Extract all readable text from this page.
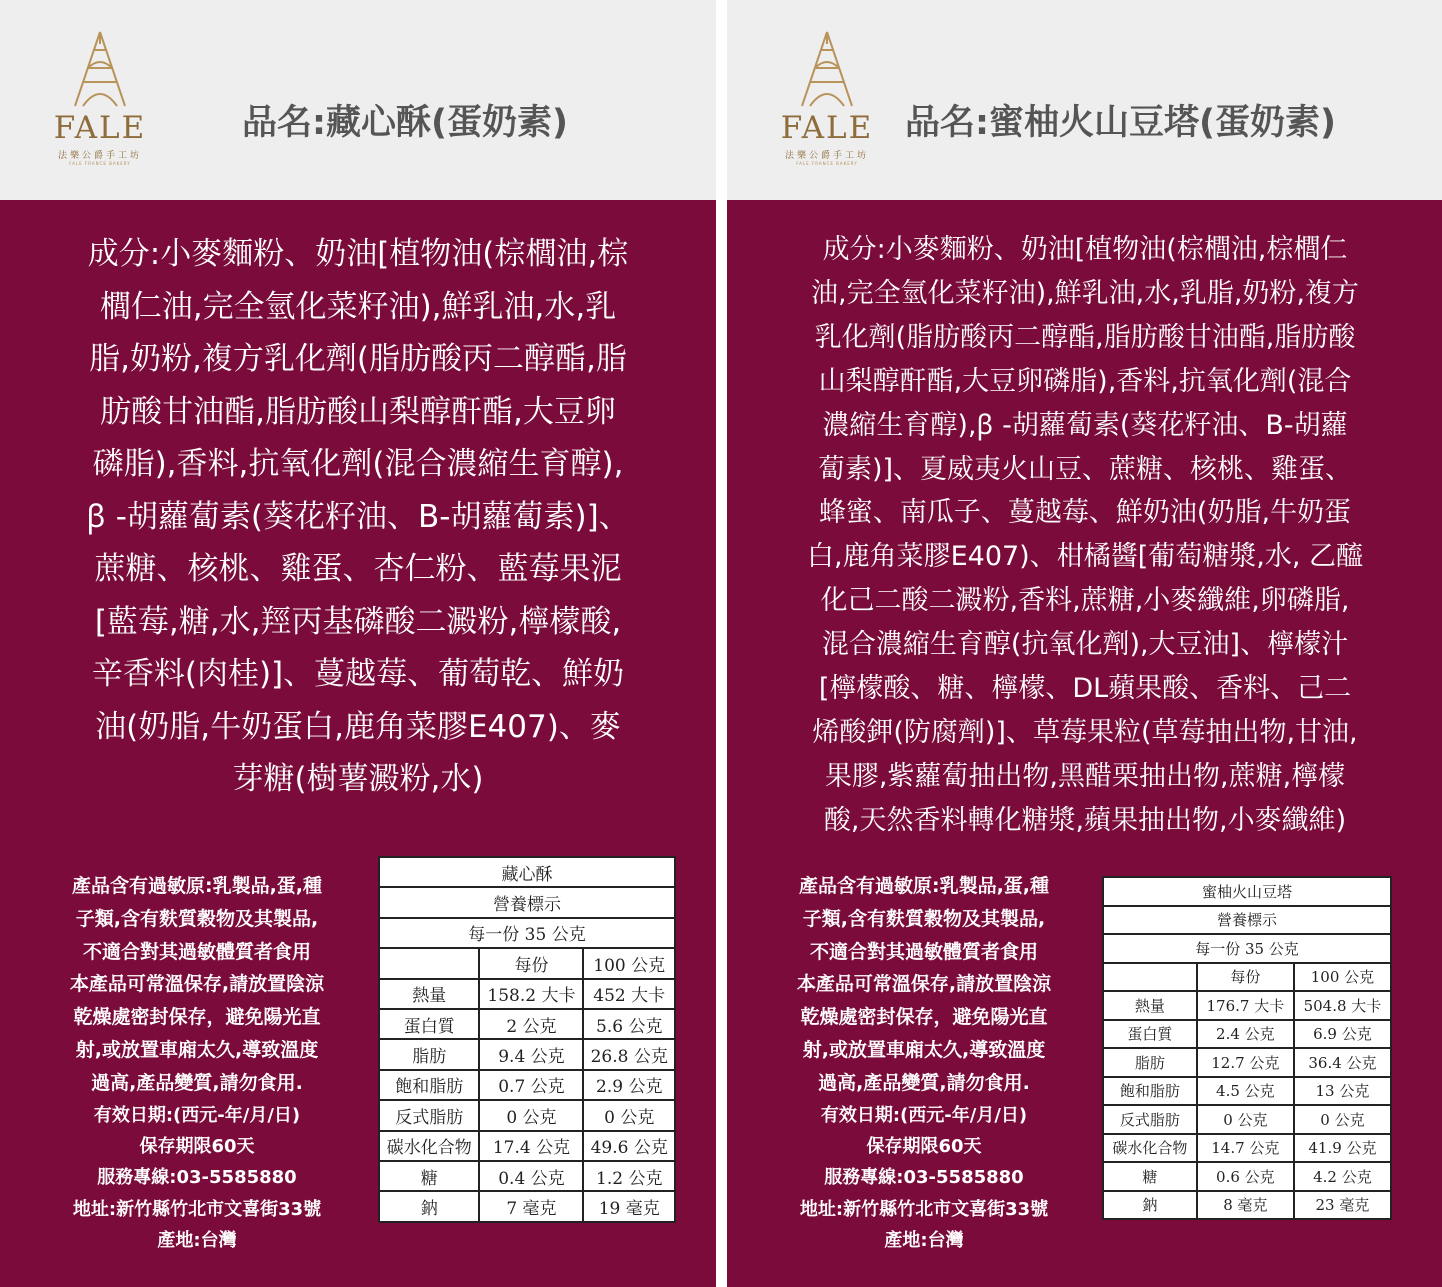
FALE
法樂公爵手工坊
FALE FRANCE BAKERY
品名:藏心酥(蛋奶素)
成分:小麥麵粉、奶油[植物油(棕櫚油,棕
櫚仁油,完全氫化菜籽油),鮮乳油,水,乳
脂,奶粉,複方乳化劑(脂肪酸丙二醇酯,脂
肪酸甘油酯,脂肪酸山梨醇酐酯,大豆卵
磷脂),香料,抗氧化劑(混合濃縮生育醇),
ꞵ -胡蘿蔔素(葵花籽油、B-胡蘿蔔素)]、
蔗糖、核桃、雞蛋、杏仁粉、藍莓果泥
[藍莓,糖,水,羥丙基磷酸二澱粉,檸檬酸,
辛香料(肉桂)]、蔓越莓、葡萄乾、鮮奶
油(奶脂,牛奶蛋白,鹿角菜膠E407)、麥
芽糖(樹薯澱粉,水)
產品含有過敏原:乳製品,蛋,種
子類,含有麩質穀物及其製品,
不適合對其過敏體質者食用
本產品可常溫保存,請放置陰涼
乾燥處密封保存，避免陽光直
射,或放置車廂太久,導致溫度
過高,產品變質,請勿食用.
有效日期:(西元-年/月/日)
保存期限60天
服務專線:03-5585880
地址:新竹縣竹北市文喜街33號
產地:台灣
藏心酥		
營養標示		
每一份 35 公克		
	每份	100 公克
熱量	158.2 大卡	452 大卡
蛋白質	2 公克	5.6 公克
脂肪	9.4 公克	26.8 公克
飽和脂肪	0.7 公克	2.9 公克
反式脂肪	0 公克	0 公克
碳水化合物	17.4 公克	49.6 公克
糖	0.4 公克	1.2 公克
鈉	7 毫克	19 毫克
FALE
法樂公爵手工坊
FALE FRANCE BAKERY
品名:蜜柚火山豆塔(蛋奶素)
成分:小麥麵粉、奶油[植物油(棕櫚油,棕櫚仁
油,完全氫化菜籽油),鮮乳油,水,乳脂,奶粉,複方
乳化劑(脂肪酸丙二醇酯,脂肪酸甘油酯,脂肪酸
山梨醇酐酯,大豆卵磷脂),香料,抗氧化劑(混合
濃縮生育醇),ꞵ -胡蘿蔔素(葵花籽油、B-胡蘿
蔔素)]、夏威夷火山豆、蔗糖、核桃、雞蛋、
蜂蜜、南瓜子、蔓越莓、鮮奶油(奶脂,牛奶蛋
白,鹿角菜膠E407)、柑橘醬[葡萄糖漿,水, 乙醯
化己二酸二澱粉,香料,蔗糖,小麥纖維,卵磷脂,
混合濃縮生育醇(抗氧化劑),大豆油]、檸檬汁
[檸檬酸、糖、檸檬、DL蘋果酸、香料、己二
烯酸鉀(防腐劑)]、草莓果粒(草莓抽出物,甘油,
果膠,紫蘿蔔抽出物,黑醋栗抽出物,蔗糖,檸檬
酸,天然香料轉化糖漿,蘋果抽出物,小麥纖維)
產品含有過敏原:乳製品,蛋,種
子類,含有麩質穀物及其製品,
不適合對其過敏體質者食用
本產品可常溫保存,請放置陰涼
乾燥處密封保存，避免陽光直
射,或放置車廂太久,導致溫度
過高,產品變質,請勿食用.
有效日期:(西元-年/月/日)
保存期限60天
服務專線:03-5585880
地址:新竹縣竹北市文喜街33號
產地:台灣
蜜柚火山豆塔		
營養標示		
每一份 35 公克		
	每份	100 公克
熱量	176.7 大卡	504.8 大卡
蛋白質	2.4 公克	6.9 公克
脂肪	12.7 公克	36.4 公克
飽和脂肪	4.5 公克	13 公克
反式脂肪	0 公克	0 公克
碳水化合物	14.7 公克	41.9 公克
糖	0.6 公克	4.2 公克
鈉	8 毫克	23 毫克
